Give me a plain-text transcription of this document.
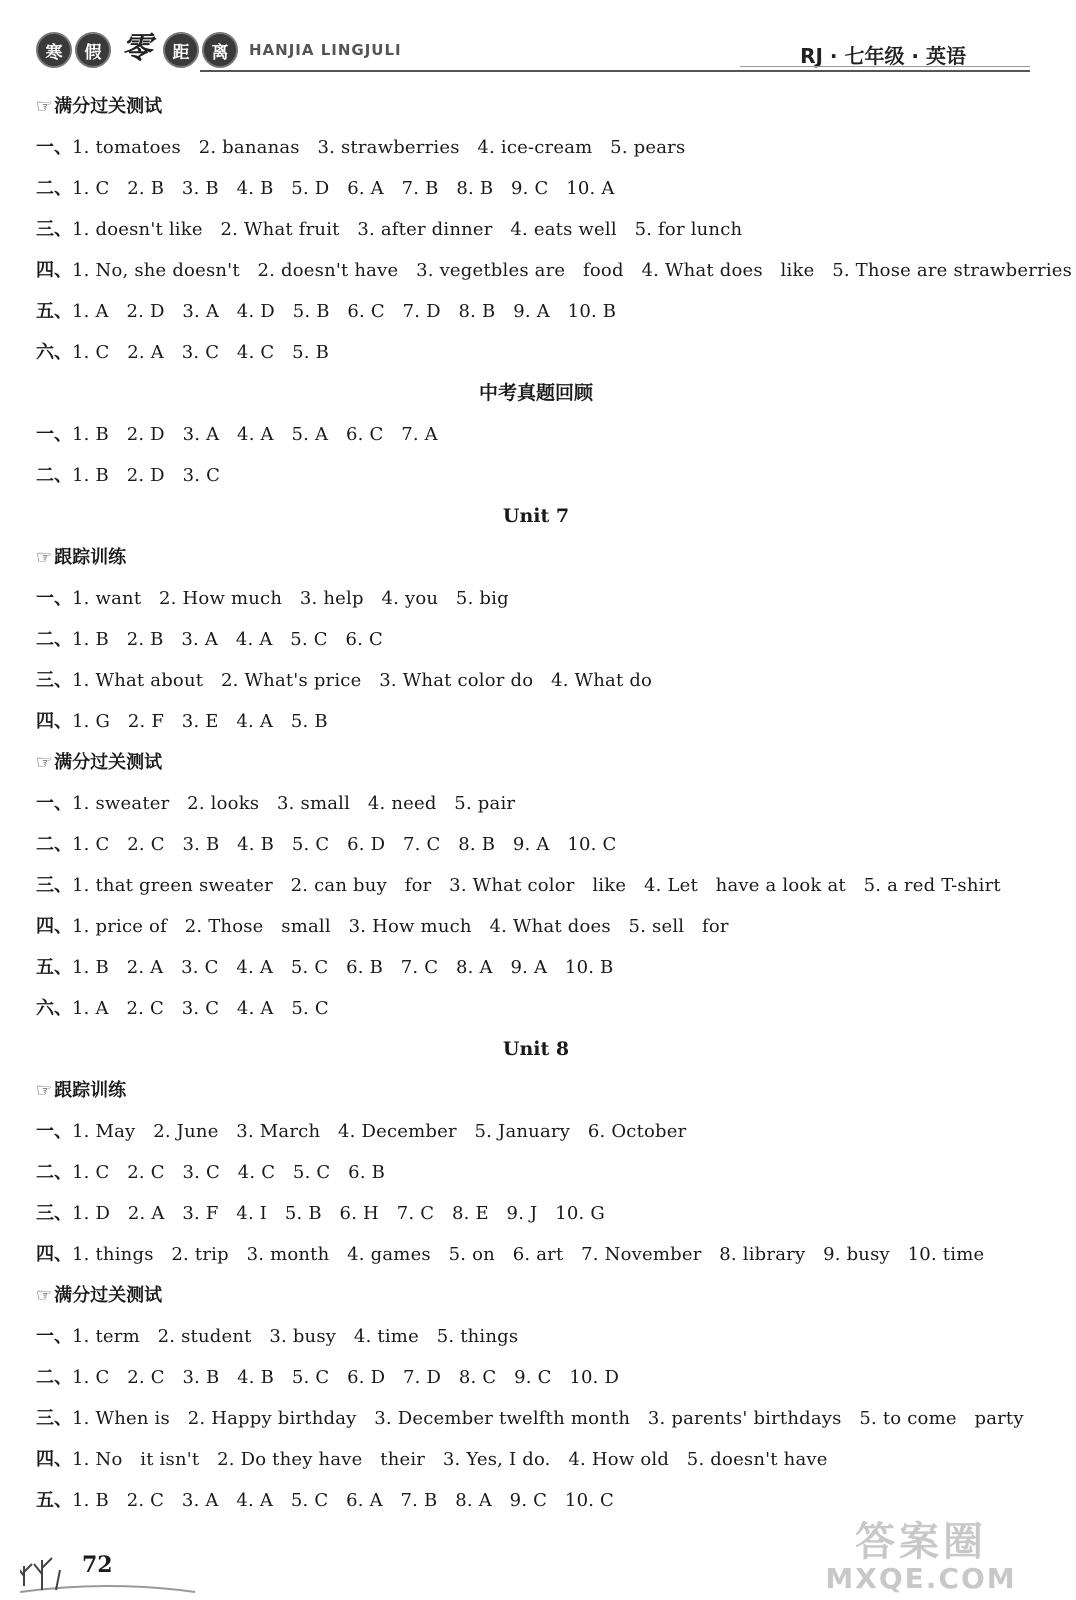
寒	假 零	距	离	HANJIA LINGJULI	RJ · 七年级 · 英语
☞ 满分过关测试
一、1. tomatoes   2. bananas   3. strawberries   4. ice-cream   5. pears
二、1. C   2. B   3. B   4. B   5. D   6. A   7. B   8. B   9. C   10. A
三、1. doesn't like   2. What fruit   3. after dinner   4. eats well   5. for lunch
四、1. No, she doesn't   2. doesn't have   3. vegetbles are   food   4. What does   like   5. Those are strawberries
五、1. A   2. D   3. A   4. D   5. B   6. C   7. D   8. B   9. A   10. B
六、1. C   2. A   3. C   4. C   5. B
中考真题回顾
一、1. B   2. D   3. A   4. A   5. A   6. C   7. A
二、1. B   2. D   3. C
Unit 7
☞ 跟踪训练
一、1. want   2. How much   3. help   4. you   5. big
二、1. B   2. B   3. A   4. A   5. C   6. C
三、1. What about   2. What's price   3. What color do   4. What do
四、1. G   2. F   3. E   4. A   5. B
☞ 满分过关测试
一、1. sweater   2. looks   3. small   4. need   5. pair
二、1. C   2. C   3. B   4. B   5. C   6. D   7. C   8. B   9. A   10. C
三、1. that green sweater   2. can buy   for   3. What color   like   4. Let   have a look at   5. a red T-shirt
四、1. price of   2. Those   small   3. How much   4. What does   5. sell   for
五、1. B   2. A   3. C   4. A   5. C   6. B   7. C   8. A   9. A   10. B
六、1. A   2. C   3. C   4. A   5. C
Unit 8
☞ 跟踪训练
一、1. May   2. June   3. March   4. December   5. January   6. October
二、1. C   2. C   3. C   4. C   5. C   6. B
三、1. D   2. A   3. F   4. I   5. B   6. H   7. C   8. E   9. J   10. G
四、1. things   2. trip   3. month   4. games   5. on   6. art   7. November   8. library   9. busy   10. time
☞ 满分过关测试
一、1. term   2. student   3. busy   4. time   5. things
二、1. C   2. C   3. B   4. B   5. C   6. D   7. D   8. C   9. C   10. D
三、1. When is   2. Happy birthday   3. December twelfth month   3. parents' birthdays   5. to come   party
四、1. No   it isn't   2. Do they have   their   3. Yes, I do.   4. How old   5. doesn't have
五、1. B   2. C   3. A   4. A   5. C   6. A   7. B   8. A   9. C   10. C
72	答案圈
MXQE.COM
